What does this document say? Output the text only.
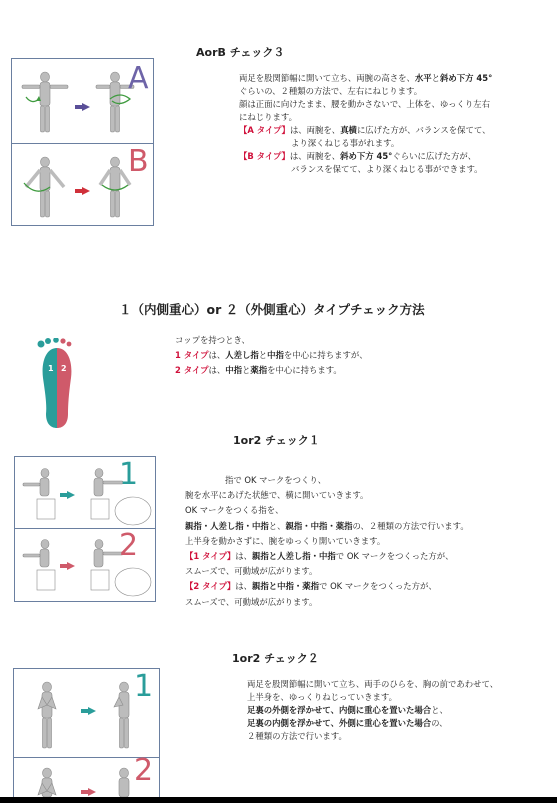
AorB チェック３
A
B
両足を股関節幅に開いて立ち、両腕の高さを、水平と斜め下方 45°
ぐらいの、２種類の方法で、左右にねじります。
顔は正面に向けたまま、腰を動かさないで、上体を、ゆっくり左右
にねじります。
【A タイプ】は、両腕を、真横に広げた方が、バランスを保てて、
より深くねじる事がれます。
【B タイプ】は、両腕を、斜め下方 45°ぐらいに広げた方が、
バランスを保てて、より深くねじる事ができます。
１（内側重心）or ２（外側重心）タイプチェック方法
1 2
コップを持つとき、
1 タイプは、人差し指と中指を中心に持ちますが、
2 タイプは、中指と薬指を中心に持ちます。
1or2 チェック１
1
2
指で OK マークをつくり、
腕を水平にあげた状態で、横に開いていきます。
OK マークをつくる指を、
親指・人差し指・中指と、親指・中指・薬指の、２種類の方法で行います。
上半身を動かさずに、腕をゆっくり開いていきます。
【1 タイプ】は、親指と人差し指・中指で OK マークをつくった方が、
スムーズで、可動域が広がります。
【2 タイプ】は、親指と中指・薬指で OK マークをつくった方が、
スムーズで、可動域が広がります。
1or2 チェック２
1
2
両足を股関節幅に開いて立ち、両手のひらを、胸の前であわせて、
上半身を、ゆっくりねじっていきます。
足裏の外側を浮かせて、内側に重心を置いた場合と、
足裏の内側を浮かせて、外側に重心を置いた場合の、
２種類の方法で行います。
